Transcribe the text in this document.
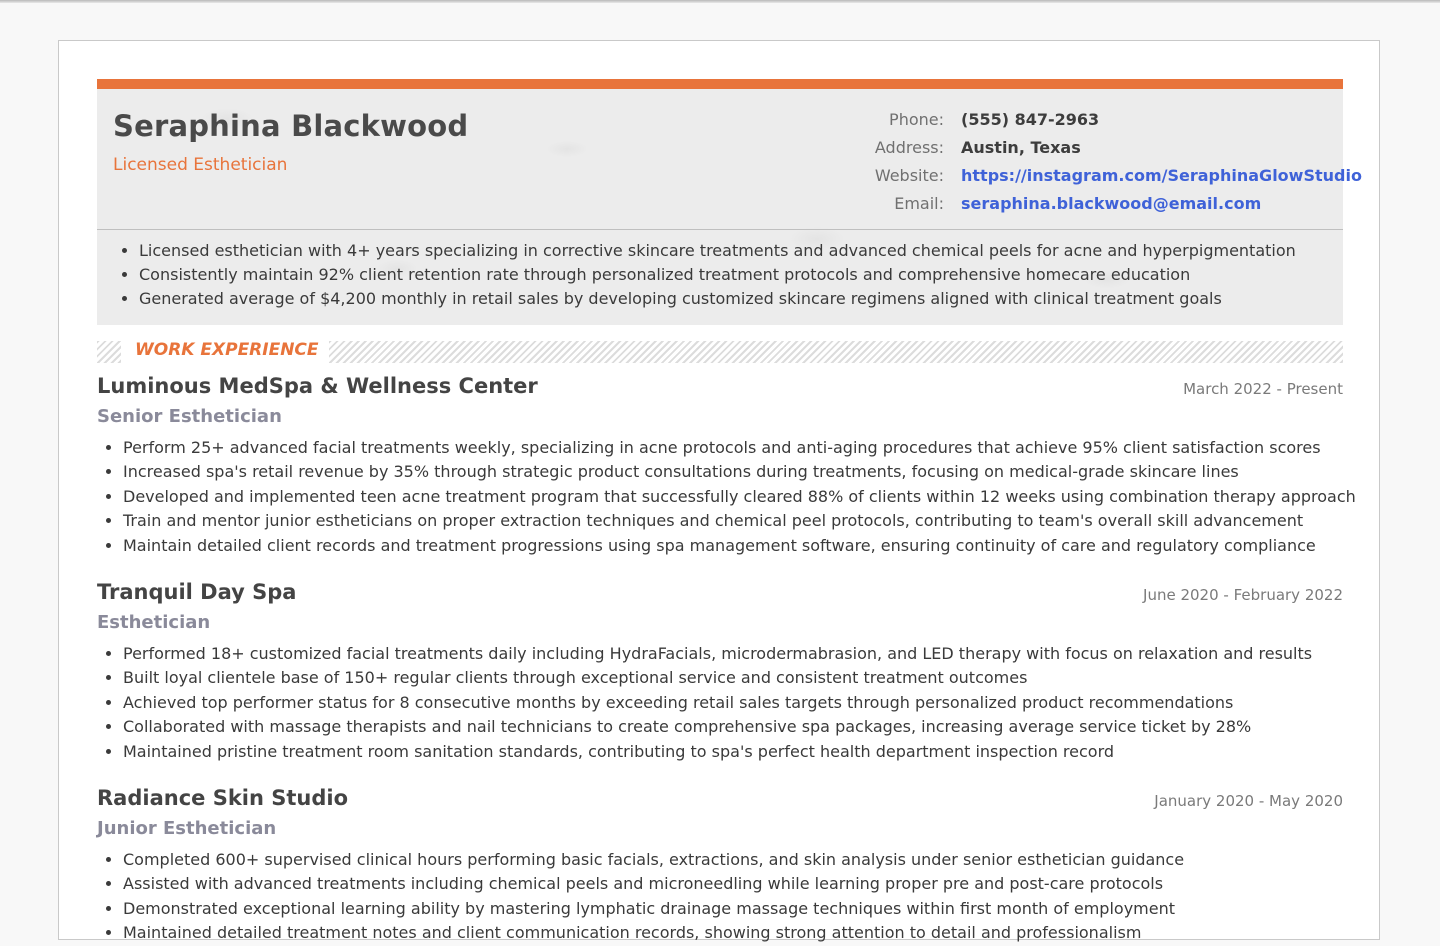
Seraphina Blackwood
Licensed Esthetician
Phone: (555) 847-2963
Address: Austin, Texas
Website: https://instagram.com/SeraphinaGlowStudio
Email: seraphina.blackwood@email.com
• Licensed esthetician with 4+ years specializing in corrective skincare treatments and advanced chemical peels for acne and hyperpigmentation
• Consistently maintain 92% client retention rate through personalized treatment protocols and comprehensive homecare education
• Generated average of $4,200 monthly in retail sales by developing customized skincare regimens aligned with clinical treatment goals
WORK EXPERIENCE
Luminous MedSpa & Wellness Center	March 2022 - Present
Senior Esthetician
• Perform 25+ advanced facial treatments weekly, specializing in acne protocols and anti-aging procedures that achieve 95% client satisfaction scores
• Increased spa's retail revenue by 35% through strategic product consultations during treatments, focusing on medical-grade skincare lines
• Developed and implemented teen acne treatment program that successfully cleared 88% of clients within 12 weeks using combination therapy approach
• Train and mentor junior estheticians on proper extraction techniques and chemical peel protocols, contributing to team's overall skill advancement
• Maintain detailed client records and treatment progressions using spa management software, ensuring continuity of care and regulatory compliance
Tranquil Day Spa	June 2020 - February 2022
Esthetician
• Performed 18+ customized facial treatments daily including HydraFacials, microdermabrasion, and LED therapy with focus on relaxation and results
• Built loyal clientele base of 150+ regular clients through exceptional service and consistent treatment outcomes
• Achieved top performer status for 8 consecutive months by exceeding retail sales targets through personalized product recommendations
• Collaborated with massage therapists and nail technicians to create comprehensive spa packages, increasing average service ticket by 28%
• Maintained pristine treatment room sanitation standards, contributing to spa's perfect health department inspection record
Radiance Skin Studio	January 2020 - May 2020
Junior Esthetician
• Completed 600+ supervised clinical hours performing basic facials, extractions, and skin analysis under senior esthetician guidance
• Assisted with advanced treatments including chemical peels and microneedling while learning proper pre and post-care protocols
• Demonstrated exceptional learning ability by mastering lymphatic drainage massage techniques within first month of employment
• Maintained detailed treatment notes and client communication records, showing strong attention to detail and professionalism
